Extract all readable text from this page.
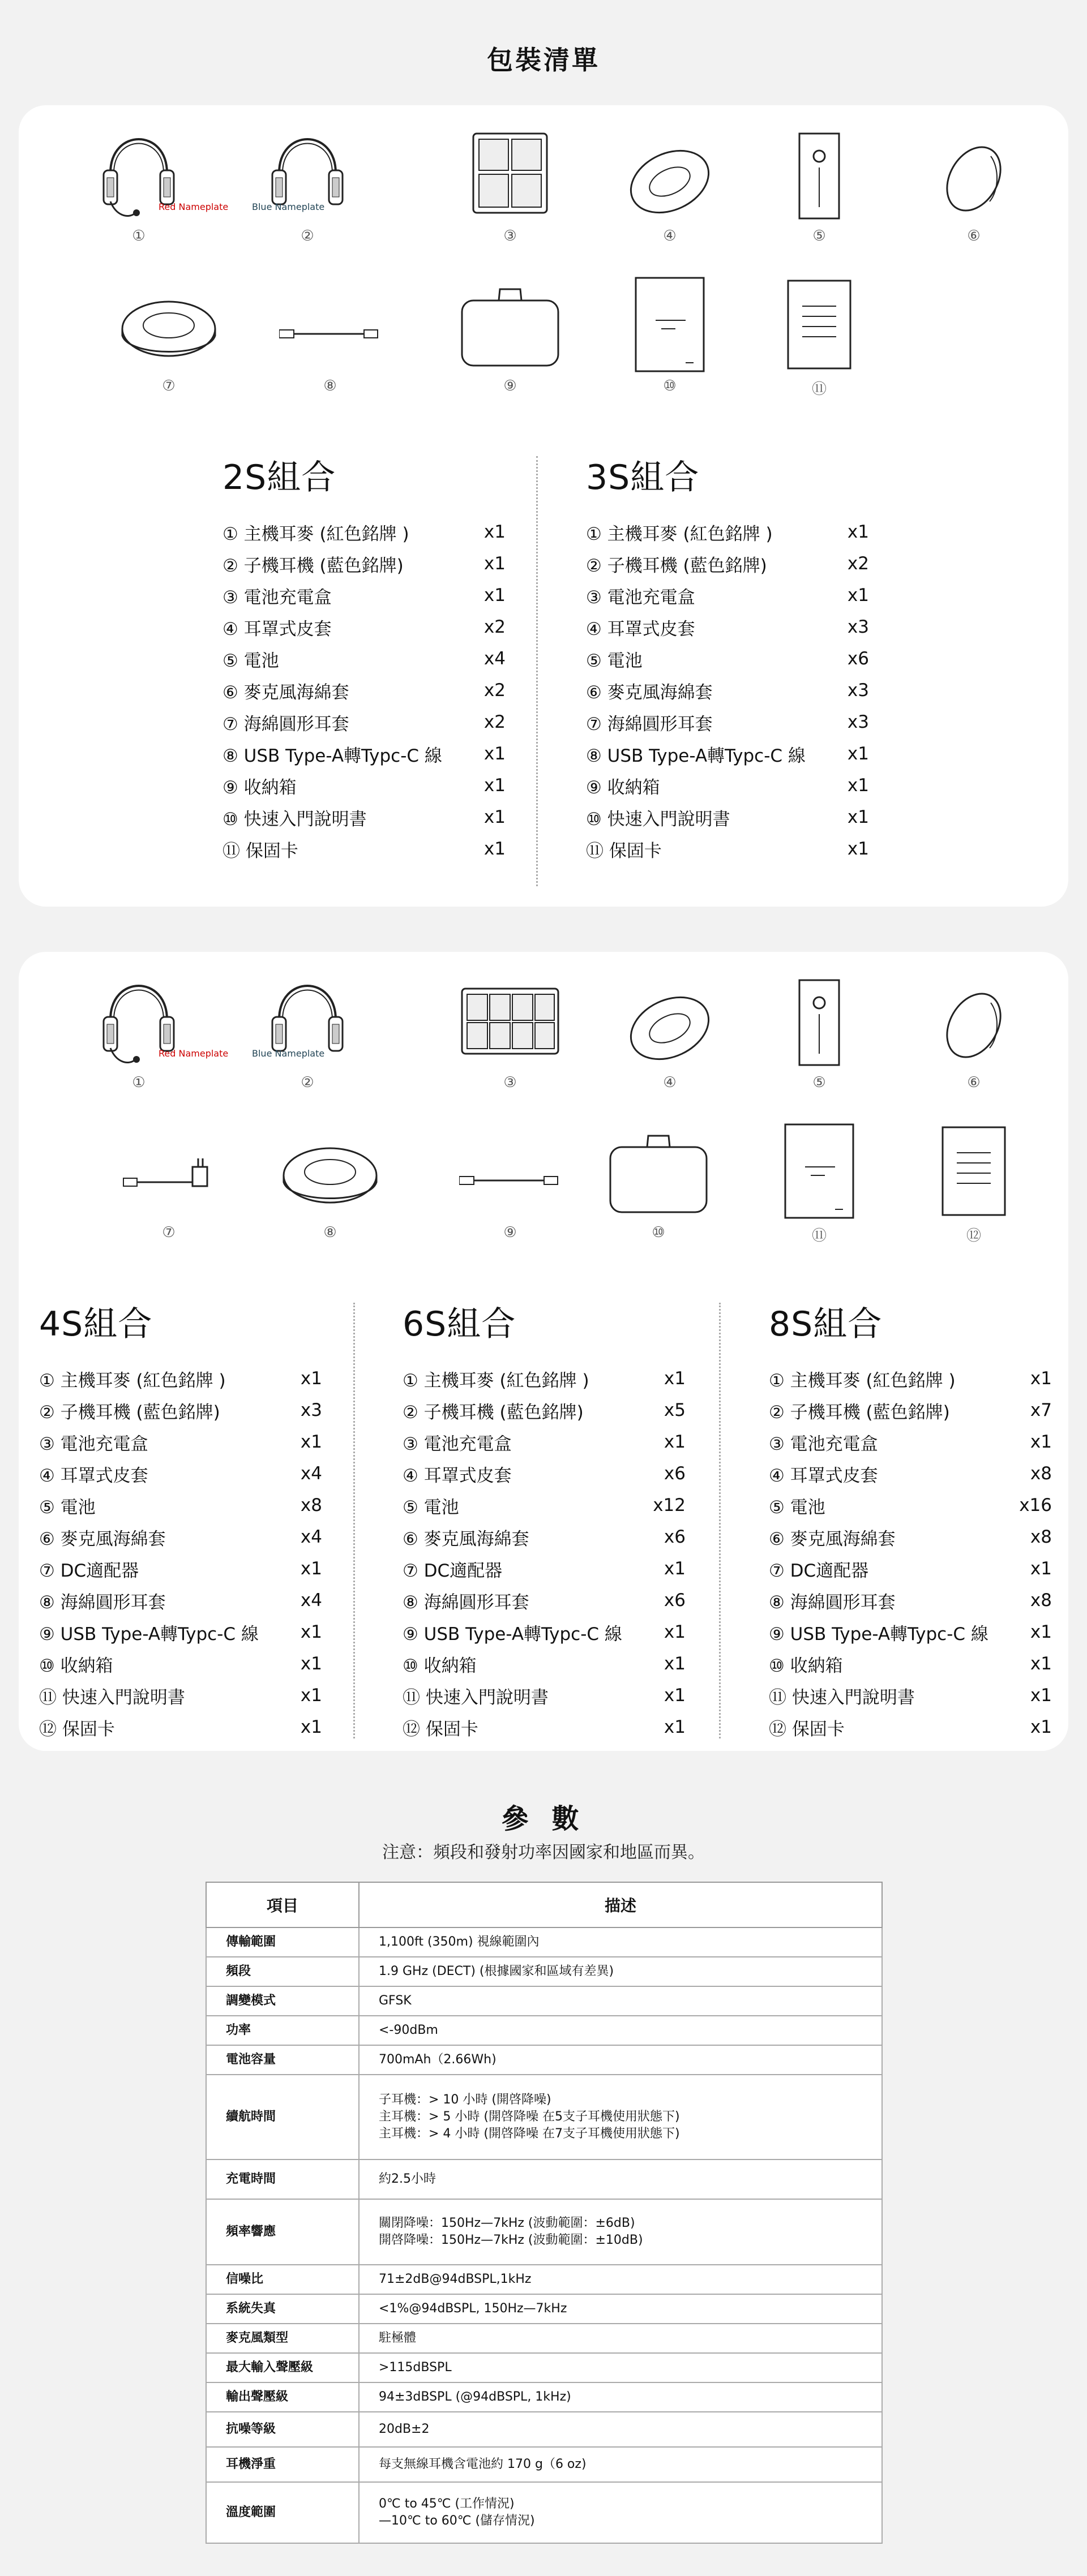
包裝清單
Red Nameplate
①
Blue Nameplate
②	③	④	⑤	⑥
⑦	⑧	⑨	⑩	⑪
2S組合
① 主機耳麥 (紅色銘牌 )	x1
② 子機耳機 (藍色銘牌)	x1
③ 電池充電盒	x1
④ 耳罩式皮套	x2
⑤ 電池	x4
⑥ 麥克風海綿套	x2
⑦ 海綿圓形耳套	x2
⑧ USB Type-A轉Typc-C 線	x1
⑨ 收納箱	x1
⑩ 快速入門說明書	x1
⑪ 保固卡	x1
3S組合
① 主機耳麥 (紅色銘牌 )	x1
② 子機耳機 (藍色銘牌)	x2
③ 電池充電盒	x1
④ 耳罩式皮套	x3
⑤ 電池	x6
⑥ 麥克風海綿套	x3
⑦ 海綿圓形耳套	x3
⑧ USB Type-A轉Typc-C 線	x1
⑨ 收納箱	x1
⑩ 快速入門說明書	x1
⑪ 保固卡	x1
Red Nameplate
①
Blue Nameplate
②	③	④	⑤	⑥
⑦	⑧	⑨	⑩	⑪	⑫
4S組合
① 主機耳麥 (紅色銘牌 )	x1
② 子機耳機 (藍色銘牌)	x3
③ 電池充電盒	x1
④ 耳罩式皮套	x4
⑤ 電池	x8
⑥ 麥克風海綿套	x4
⑦ DC適配器	x1
⑧ 海綿圓形耳套	x4
⑨ USB Type-A轉Typc-C 線	x1
⑩ 收納箱	x1
⑪ 快速入門說明書	x1
⑫ 保固卡	x1
6S組合
① 主機耳麥 (紅色銘牌 )	x1
② 子機耳機 (藍色銘牌)	x5
③ 電池充電盒	x1
④ 耳罩式皮套	x6
⑤ 電池	x12
⑥ 麥克風海綿套	x6
⑦ DC適配器	x1
⑧ 海綿圓形耳套	x6
⑨ USB Type-A轉Typc-C 線	x1
⑩ 收納箱	x1
⑪ 快速入門說明書	x1
⑫ 保固卡	x1
8S組合
① 主機耳麥 (紅色銘牌 )	x1
② 子機耳機 (藍色銘牌)	x7
③ 電池充電盒	x1
④ 耳罩式皮套	x8
⑤ 電池	x16
⑥ 麥克風海綿套	x8
⑦ DC適配器	x1
⑧ 海綿圓形耳套	x8
⑨ USB Type-A轉Typc-C 線	x1
⑩ 收納箱	x1
⑪ 快速入門說明書	x1
⑫ 保固卡	x1
參 數
注意：頻段和發射功率因國家和地區而異。
項目	描述
傳輸範圍	1,100ft (350m) 視線範圍內
頻段	1.9 GHz (DECT) (根據國家和區域有差異)
調變模式	GFSK
功率	<-90dBm
電池容量	700mAh（2.66Wh)
續航時間	子耳機：> 10 小時 (開啓降噪)
主耳機：> 5 小時 (開啓降噪 在5支子耳機使用狀態下)
主耳機：> 4 小時 (開啓降噪 在7支子耳機使用狀態下)
充電時間	約2.5小時
頻率響應	關閉降噪：150Hz—7kHz (波動範圍：±6dB)
開啓降噪：150Hz—7kHz (波動範圍：±10dB)
信噪比	71±2dB@94dBSPL,1kHz
系統失真	<1%@94dBSPL, 150Hz—7kHz
麥克風類型	駐極體
最大輸入聲壓級	>115dBSPL
輸出聲壓級	94±3dBSPL (@94dBSPL, 1kHz)
抗噪等級	20dB±2
耳機淨重	每支無線耳機含電池約 170 g（6 oz)
溫度範圍	0℃ to 45℃ (工作情況)
—10℃ to 60℃ (儲存情況)
